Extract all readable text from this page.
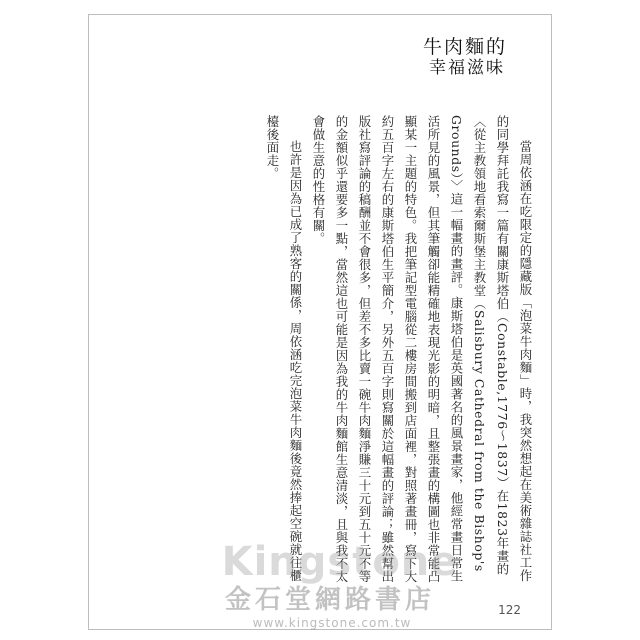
牛肉麵的
幸福滋味

當周依涵在吃限定的隱藏版「泡菜牛肉麵」時，我突然想起在美術雜誌社工作的同學拜託我寫一篇有關康斯塔伯（Constable,1776～1837）在1823年畫的〈從主教領地看索爾斯堡主教堂（Salisbury Cathedral from the Bishop's Grounds）〉這一幅畫的畫評。康斯塔伯是英國著名的風景畫家，他經常畫日常生活所見的風景，但其筆觸卻能精確地表現光影的明暗，且整張畫的構圖也非常能凸顯某一主題的特色。我把筆記型電腦從二樓房間搬到店面裡，對照著畫冊，寫下大約五百字左右的康斯塔伯生平簡介，另外五百字則寫關於這幅畫的評論；雖然幫出版社寫評論的稿酬並不會很多，但差不多比賣一碗牛肉麵淨賺三十元到五十元不等的金額似乎還要多一點，當然這也可能是因為我的牛肉麵館生意清淡，且與我不太會做生意的性格有關。

也許是因為已成了熟客的關係，周依涵吃完泡菜牛肉麵後竟然捧起空碗就往櫃檯後面走。

122
Kingstone
金石堂網路書店
www.kingstone.com.tw
